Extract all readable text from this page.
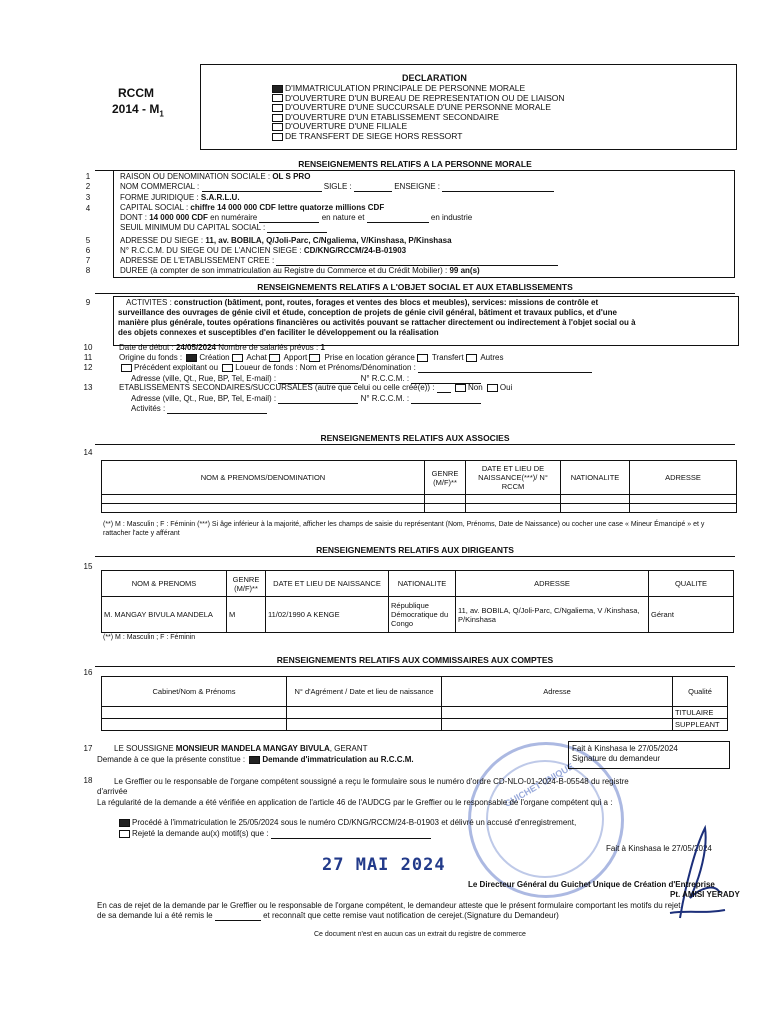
RCCM
$2014 - M_1$
DECLARATION
D'IMMATRICULATION PRINCIPALE DE PERSONNE MORALE
D'OUVERTURE D'UN BUREAU DE REPRESENTATION OU DE LIAISON
D'OUVERTURE D'UNE SUCCURSALE D'UNE PERSONNE MORALE
D'OUVERTURE D'UN ETABLISSEMENT SECONDAIRE
D'OUVERTURE D'UNE FILIALE
DE TRANSFERT DE SIEGE HORS RESSORT
RENSEIGNEMENTS RELATIFS A LA PERSONNE MORALE
1
2
3
4
5
6
7
8
RAISON OU DENOMINATION SOCIALE : OL S PRO
NOM COMMERCIAL :	SIGLE :	ENSEIGNE :
FORME JURIDIQUE : S.A.R.L.U.
CAPITAL SOCIAL : chiffre 14 000 000 CDF lettre quatorze millions CDF
DONT : 14 000 000 CDF en numéraire	en nature et	en industrie
SEUIL MINIMUM DU CAPITAL SOCIAL :
ADRESSE DU SIEGE : 11, av. BOBILA, Q/Joli-Parc, C/Ngaliema, V/Kinshasa, P/Kinshasa
N° R.C.C.M. DU SIEGE OU DE L'ANCIEN SIEGE : CD/KNG/RCCM/24-B-01903
ADRESSE DE L'ETABLISSEMENT CREE :
DUREE (à compter de son immatriculation au Registre du Commerce et du Crédit Mobilier) : 99 an(s)
RENSEIGNEMENTS RELATIFS A L'OBJET SOCIAL ET AUX ETABLISSEMENTS
9	ACTIVITES : construction (bâtiment, pont, routes, forages et ventes des blocs et meubles), services: missions de contrôle et
surveillance des ouvrages de génie civil et étude, conception de projets de génie civil général, bâtiment et travaux publics, et d'une
manière plus générale, toutes opérations financières ou activités pouvant se rattacher directement ou indirectement à l'objet social ou à
des objets connexes et susceptibles d'en faciliter le développement ou la réalisation
10
11
12
13
Date de début : 24/05/2024 Nombre de salariés prévus : 1
Origine du fonds : Création Achat Apport Prise en location gérance Transfert Autres
Précédent exploitant ou Loueur de fonds : Nom et Prénoms/Dénomination :
Adresse (ville, Qt., Rue, BP, Tel, E-mail) :	N° R.C.C.M. :
ETABLISSEMENTS SECONDAIRES/SUCCURSALES (autre que celui ou celle créé(e)) :	Non Oui
Adresse (ville, Qt., Rue, BP, Tel, E-mail) :	N° R.C.C.M. :
Activités :
RENSEIGNEMENTS RELATIFS AUX ASSOCIES
14
NOM & PRENOMS/DENOMINATION	GENRE (M/F)**	DATE ET LIEU DE NAISSANCE(***)/ N° RCCM	NATIONALITE	ADRESSE

(**) M : Masculin ; F : Féminin (***) Si âge inférieur à la majorité, afficher les champs de saisie du représentant (Nom, Prénoms, Date de Naissance) ou cocher une case « Mineur Émancipé » et y rattacher l'acte y afférant
RENSEIGNEMENTS RELATIFS AUX DIRIGEANTS
15
NOM & PRENOMS	GENRE (M/F)**	DATE ET LIEU DE NAISSANCE	NATIONALITE	ADRESSE	QUALITE
M. MANGAY BIVULA MANDELA	M	11/02/1990 A KENGE	République Démocratique du Congo	11, av. BOBILA, Q/Joli-Parc, C/Ngaliema, V /Kinshasa, P/Kinshasa	Gérant
(**) M : Masculin ; F : Féminin
RENSEIGNEMENTS RELATIFS AUX COMMISSAIRES AUX COMPTES
16
Cabinet/Nom & Prénoms	N° d'Agrément / Date et lieu de naissance	Adresse	Qualité
			TITULAIRE
			SUPPLEANT
GUICHET UNIQUE
17	LE SOUSSIGNE MONSIEUR MANDELA MANGAY BIVULA, GERANT
Demande à ce que la présente constitue : Demande d'immatriculation au R.C.C.M.
Fait à Kinshasa le 27/05/2024
Signature du demandeur
18	Le Greffier ou le responsable de l'organe compétent soussigné a reçu le formulaire sous le numéro d'ordre CD-NLO-01-2024-B-05548 du registre
d'arrivée
La régularité de la demande a été vérifiée en application de l'article 46 de l'AUDCG par le Greffier ou le responsable de l'organe compétent qui a :
Procédé à l'immatriculation le 25/05/2024 sous le numéro CD/KNG/RCCM/24-B-01903 et délivré un accusé d'enregistrement,
Rejeté la demande au(x) motif(s) que :
Fait à Kinshasa le 27/05/2024
27 MAI 2024
Le Directeur Général du Guichet Unique de Création d'Entreprise
Pt. AMISI YERADY
En cas de rejet de la demande par le Greffier ou le responsable de l'organe compétent, le demandeur atteste que le présent formulaire comportant les motifs du rejet
de sa demande lui a été remis le	et reconnaît que cette remise vaut notification de cerejet.(Signature du Demandeur)
Ce document n'est en aucun cas un extrait du registre de commerce
